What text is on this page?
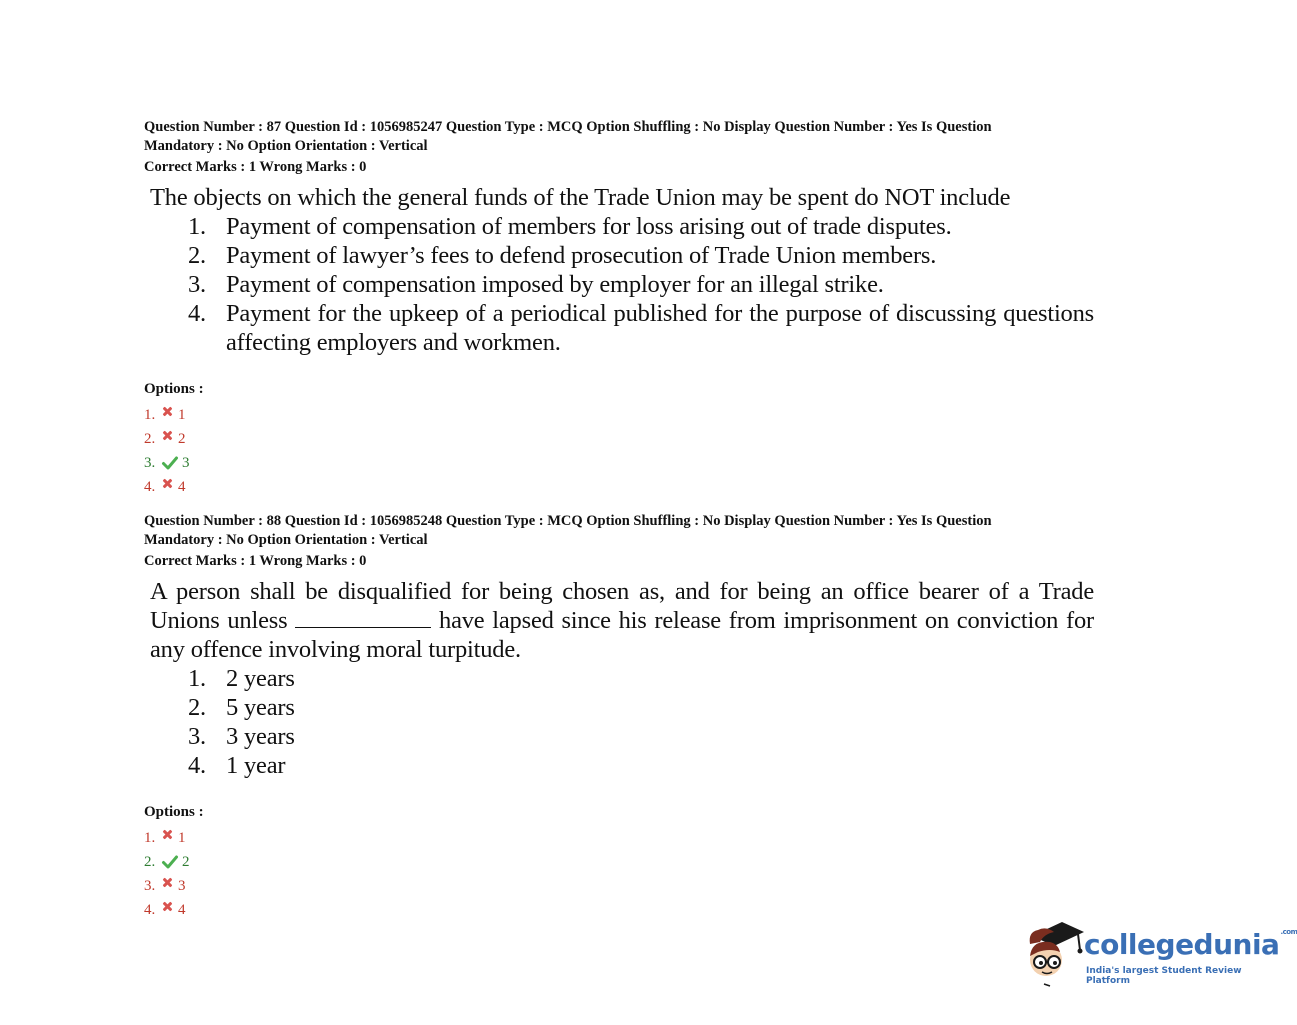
Question Number : 87 Question Id : 1056985247 Question Type : MCQ Option Shuffling : No Display Question Number : Yes Is Question
Mandatory : No Option Orientation : Vertical
Correct Marks : 1 Wrong Marks : 0
The objects on which the general funds of the Trade Union may be spent do NOT include
1. Payment of compensation of members for loss arising out of trade disputes.
2. Payment of lawyer’s fees to defend prosecution of Trade Union members.
3. Payment of compensation imposed by employer for an illegal strike.
4. Payment for the upkeep of a periodical published for the purpose of discussing questions affecting employers and workmen.
Options :
1.	1
2.	2
3.	3
4.	4
Question Number : 88 Question Id : 1056985248 Question Type : MCQ Option Shuffling : No Display Question Number : Yes Is Question
Mandatory : No Option Orientation : Vertical
Correct Marks : 1 Wrong Marks : 0
A person shall be disqualified for being chosen as, and for being an office bearer of a Trade Unions unless	have lapsed since his release from imprisonment on conviction for any offence involving moral turpitude.
1. 2 years
2. 5 years
3. 3 years
4. 1 year
Options :
1.	1
2.	2
3.	3
4.	4
collegedunia$^{.com}$
India's largest Student Review Platform
